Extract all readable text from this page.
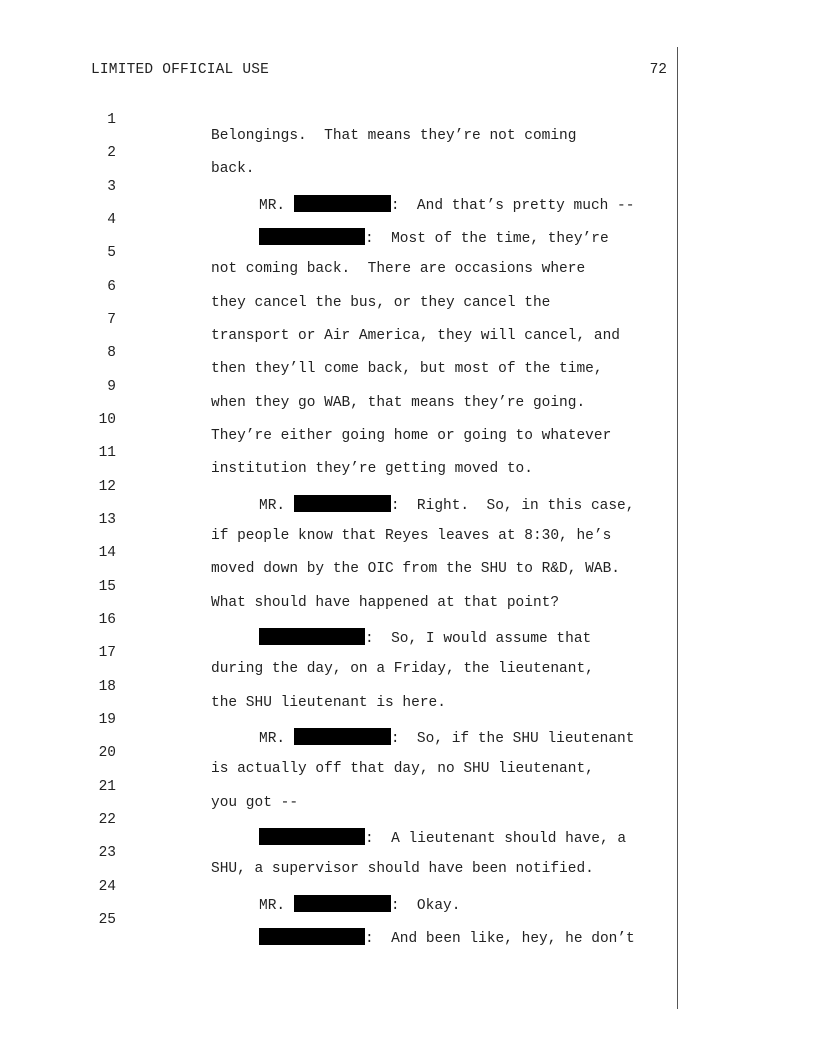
LIMITED OFFICIAL USE	72

1

Belongings.  That means they’re not coming

2

back.

3

MR.	:  And that’s pretty much --

4

:  Most of the time, they’re

5

not coming back.  There are occasions where

6

they cancel the bus, or they cancel the

7

transport or Air America, they will cancel, and

8

then they’ll come back, but most of the time,

9

when they go WAB, that means they’re going.

10

They’re either going home or going to whatever

11

institution they’re getting moved to.

12

MR.	:  Right.  So, in this case,

13

if people know that Reyes leaves at 8:30, he’s

14

moved down by the OIC from the SHU to R&D, WAB.

15

What should have happened at that point?

16

:  So, I would assume that

17

during the day, on a Friday, the lieutenant,

18

the SHU lieutenant is here.

19

MR.	:  So, if the SHU lieutenant

20

is actually off that day, no SHU lieutenant,

21

you got --

22

:  A lieutenant should have, a

23

SHU, a supervisor should have been notified.

24

MR.	:  Okay.

25

:  And been like, hey, he don’t
